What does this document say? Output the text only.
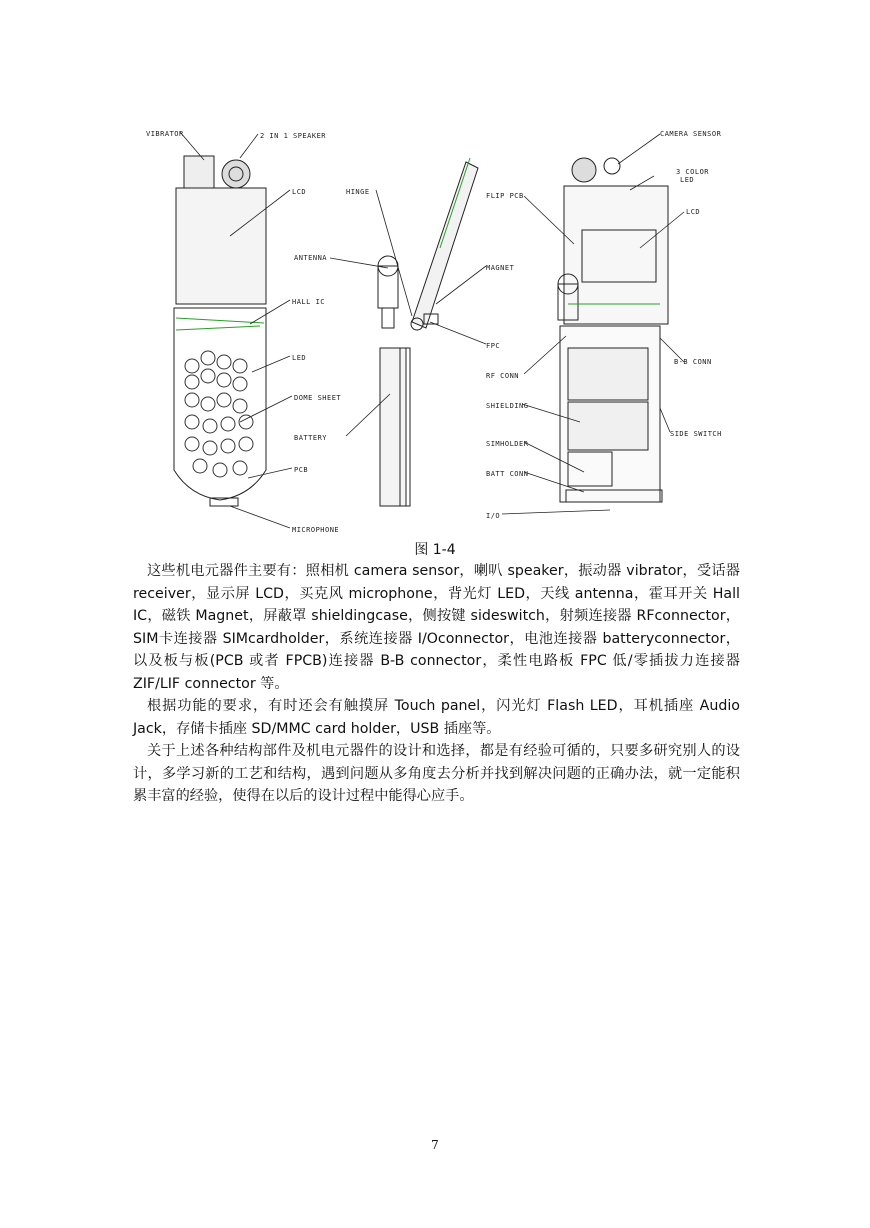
VIBRATOR	2 IN 1 SPEAKER
LCD
ANTENNA
HALL IC
LED
DOME SHEET
BATTERY
PCB
MICROPHONE
HINGE
MAGNET
FPC
FLIP PCB
RF CONN
SHIELDING
SIMHOLDER
BATT CONN
I/O
CAMERA SENSOR
3 COLOR
LED
LCD
B-B CONN
SIDE SWITCH
图 1-4

这些机电元器件主要有：照相机 camera sensor，喇叭 speaker，振动器 vibrator，受话器 receiver，显示屏 LCD，买克风 microphone，背光灯 LED，天线 antenna，霍耳开关 Hall IC，磁铁 Magnet，屏蔽罩 shieldingcase，侧按键 sideswitch，射频连接器 RFconnector，SIM卡连接器 SIMcardholder，系统连接器 I/Oconnector，电池连接器 batteryconnector，以及板与板(PCB 或者 FPCB)连接器 B-B connector，柔性电路板 FPC 低/零插拔力连接器 ZIF/LIF connector 等。

根据功能的要求，有时还会有触摸屏 Touch panel，闪光灯 Flash LED，耳机插座 Audio Jack，存储卡插座 SD/MMC card holder，USB 插座等。

关于上述各种结构部件及机电元器件的设计和选择，都是有经验可循的，只要多研究别人的设计，多学习新的工艺和结构，遇到问题从多角度去分析并找到解决问题的正确办法，就一定能积累丰富的经验，使得在以后的设计过程中能得心应手。

7
